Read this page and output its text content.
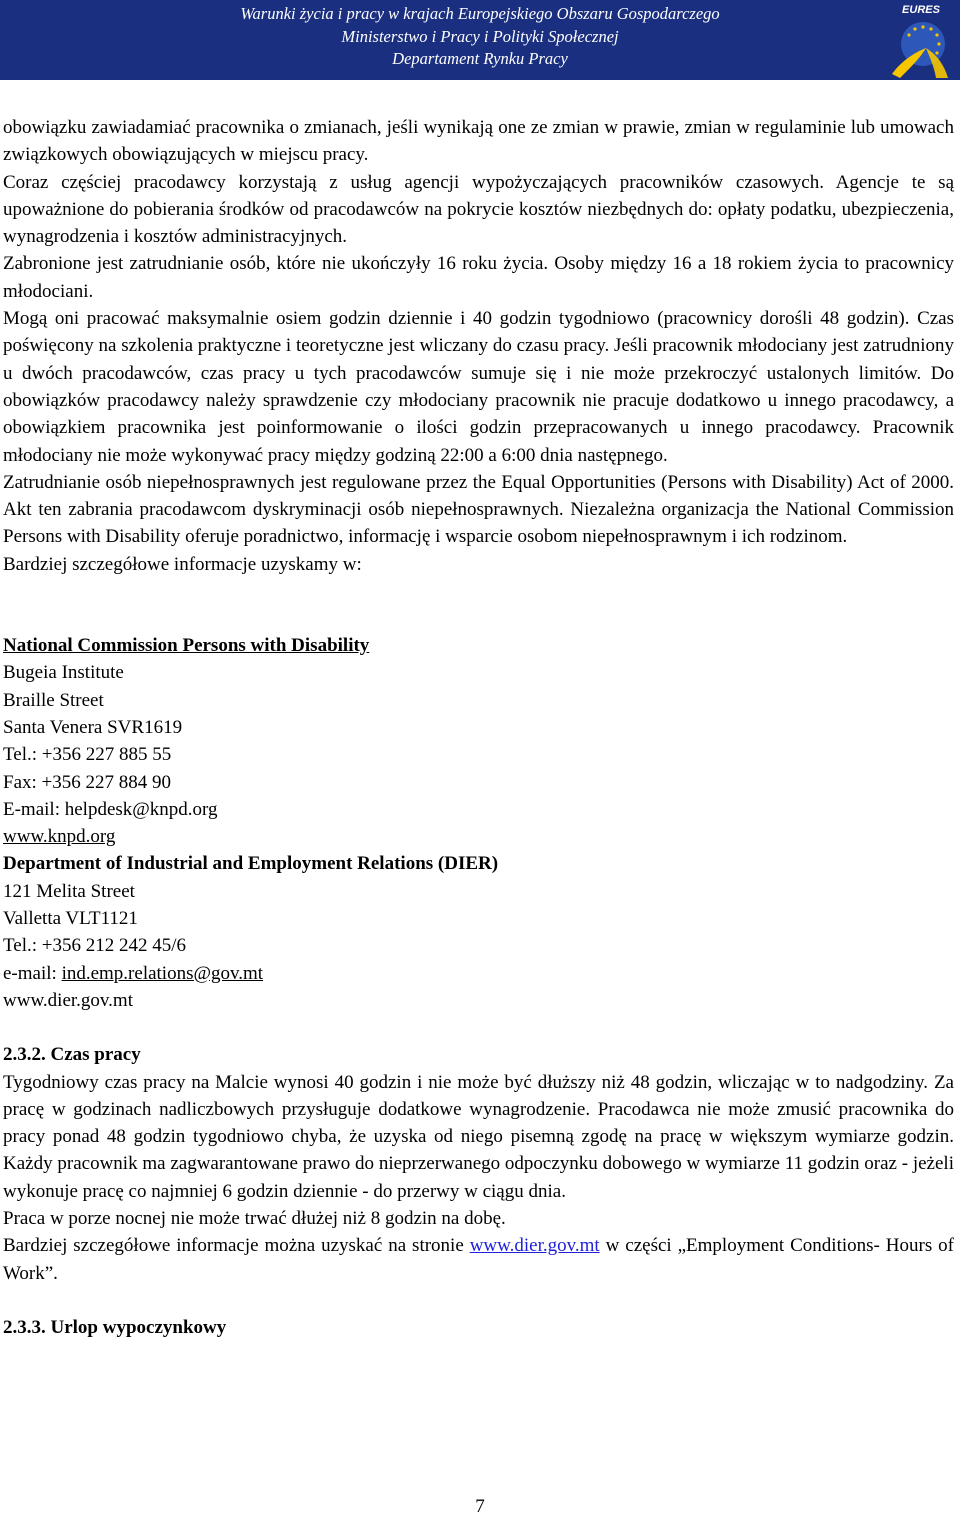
Warunki życia i pracy w krajach Europejskiego Obszaru Gospodarczego
Ministerstwo i Pracy i Polityki Społecznej
Departament Rynku Pracy
EURES

obowiązku zawiadamiać pracownika o zmianach, jeśli wynikają one ze zmian w prawie, zmian w regulaminie lub umowach związkowych obowiązujących w miejscu pracy.

Coraz częściej pracodawcy korzystają z usług agencji wypożyczających pracowników czasowych. Agencje te są upoważnione do pobierania środków od pracodawców na pokrycie kosztów niezbędnych do: opłaty podatku, ubezpieczenia, wynagrodzenia i kosztów administracyjnych.

Zabronione jest zatrudnianie osób, które nie ukończyły 16 roku życia. Osoby między 16 a 18 rokiem życia to pracownicy młodociani.

Mogą oni pracować maksymalnie osiem godzin dziennie i 40 godzin tygodniowo (pracownicy dorośli 48 godzin). Czas poświęcony na szkolenia praktyczne i teoretyczne jest wliczany do czasu pracy. Jeśli pracownik młodociany jest zatrudniony u dwóch pracodawców, czas pracy u tych pracodawców sumuje się i nie może przekroczyć ustalonych limitów. Do obowiązków pracodawcy należy sprawdzenie czy młodociany pracownik nie pracuje dodatkowo u innego pracodawcy, a obowiązkiem pracownika jest poinformowanie o ilości godzin przepracowanych u innego pracodawcy. Pracownik młodociany nie może wykonywać pracy między godziną 22:00 a 6:00 dnia następnego.

Zatrudnianie osób niepełnosprawnych jest regulowane przez the Equal Opportunities (Persons with Disability) Act of 2000. Akt ten zabrania pracodawcom dyskryminacji osób niepełnosprawnych. Niezależna organizacja the National Commission Persons with Disability oferuje poradnictwo, informację i wsparcie osobom niepełnosprawnym i ich rodzinom.

Bardziej szczegółowe informacje uzyskamy w:

National Commission Persons with Disability

Bugeia Institute

Braille Street

Santa Venera SVR1619

Tel.: +356 227 885 55

Fax: +356 227 884 90

E-mail: helpdesk@knpd.org

www.knpd.org

Department of Industrial and Employment Relations (DIER)

121 Melita Street

Valletta VLT1121

Tel.: +356 212 242 45/6

e-mail: ind.emp.relations@gov.mt

www.dier.gov.mt

2.3.2. Czas pracy

Tygodniowy czas pracy na Malcie wynosi 40 godzin i nie może być dłuższy niż 48 godzin, wliczając w to nadgodziny. Za pracę w godzinach nadliczbowych przysługuje dodatkowe wynagrodzenie. Pracodawca nie może zmusić pracownika do pracy ponad 48 godzin tygodniowo chyba, że uzyska od niego pisemną zgodę na pracę w większym wymiarze godzin. Każdy pracownik ma zagwarantowane prawo do nieprzerwanego odpoczynku dobowego w wymiarze 11 godzin oraz - jeżeli wykonuje pracę co najmniej 6 godzin dziennie - do przerwy w ciągu dnia.

Praca w porze nocnej nie może trwać dłużej niż 8 godzin na dobę.

Bardziej szczegółowe informacje można uzyskać na stronie www.dier.gov.mt w części „Employment Conditions- Hours of Work”.

2.3.3. Urlop wypoczynkowy

7
